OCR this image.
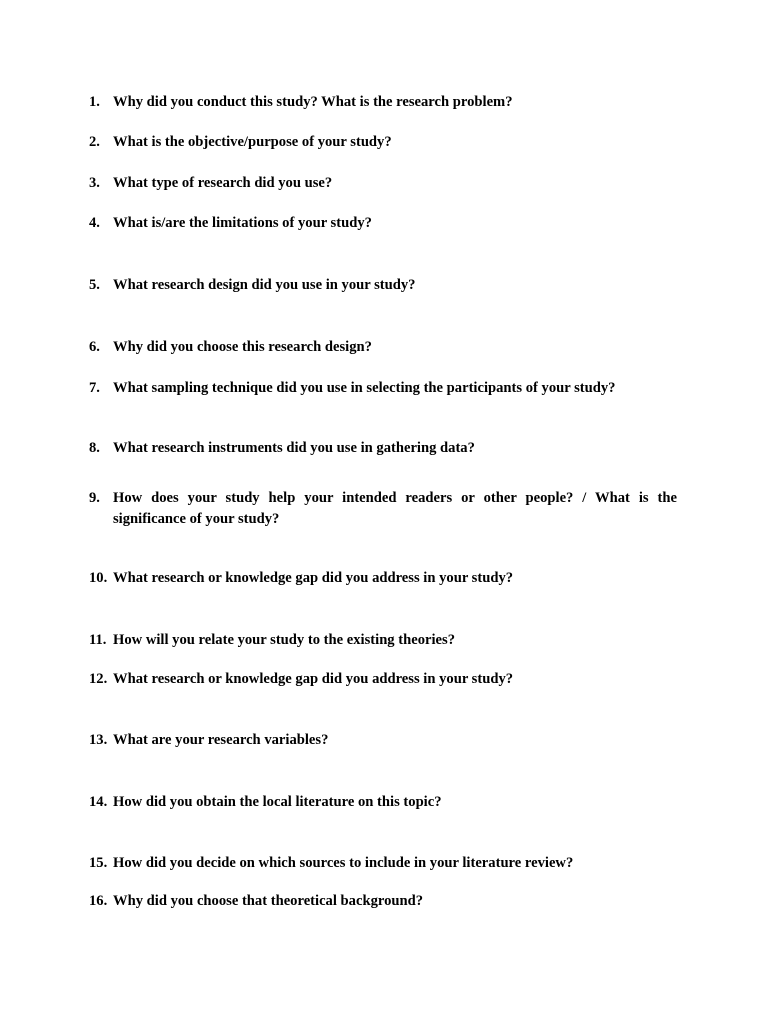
1. Why did you conduct this study? What is the research problem?
2. What is the objective/purpose of your study?
3. What type of research did you use?
4. What is/are the limitations of your study?
5. What research design did you use in your study?
6. Why did you choose this research design?
7. What sampling technique did you use in selecting the participants of your study?
8. What research instruments did you use in gathering data?
9. How does your study help your intended readers or other people? / What is the significance of your study?
10. What research or knowledge gap did you address in your study?
11. How will you relate your study to the existing theories?
12. What research or knowledge gap did you address in your study?
13. What are your research variables?
14. How did you obtain the local literature on this topic?
15. How did you decide on which sources to include in your literature review?
16. Why did you choose that theoretical background?
